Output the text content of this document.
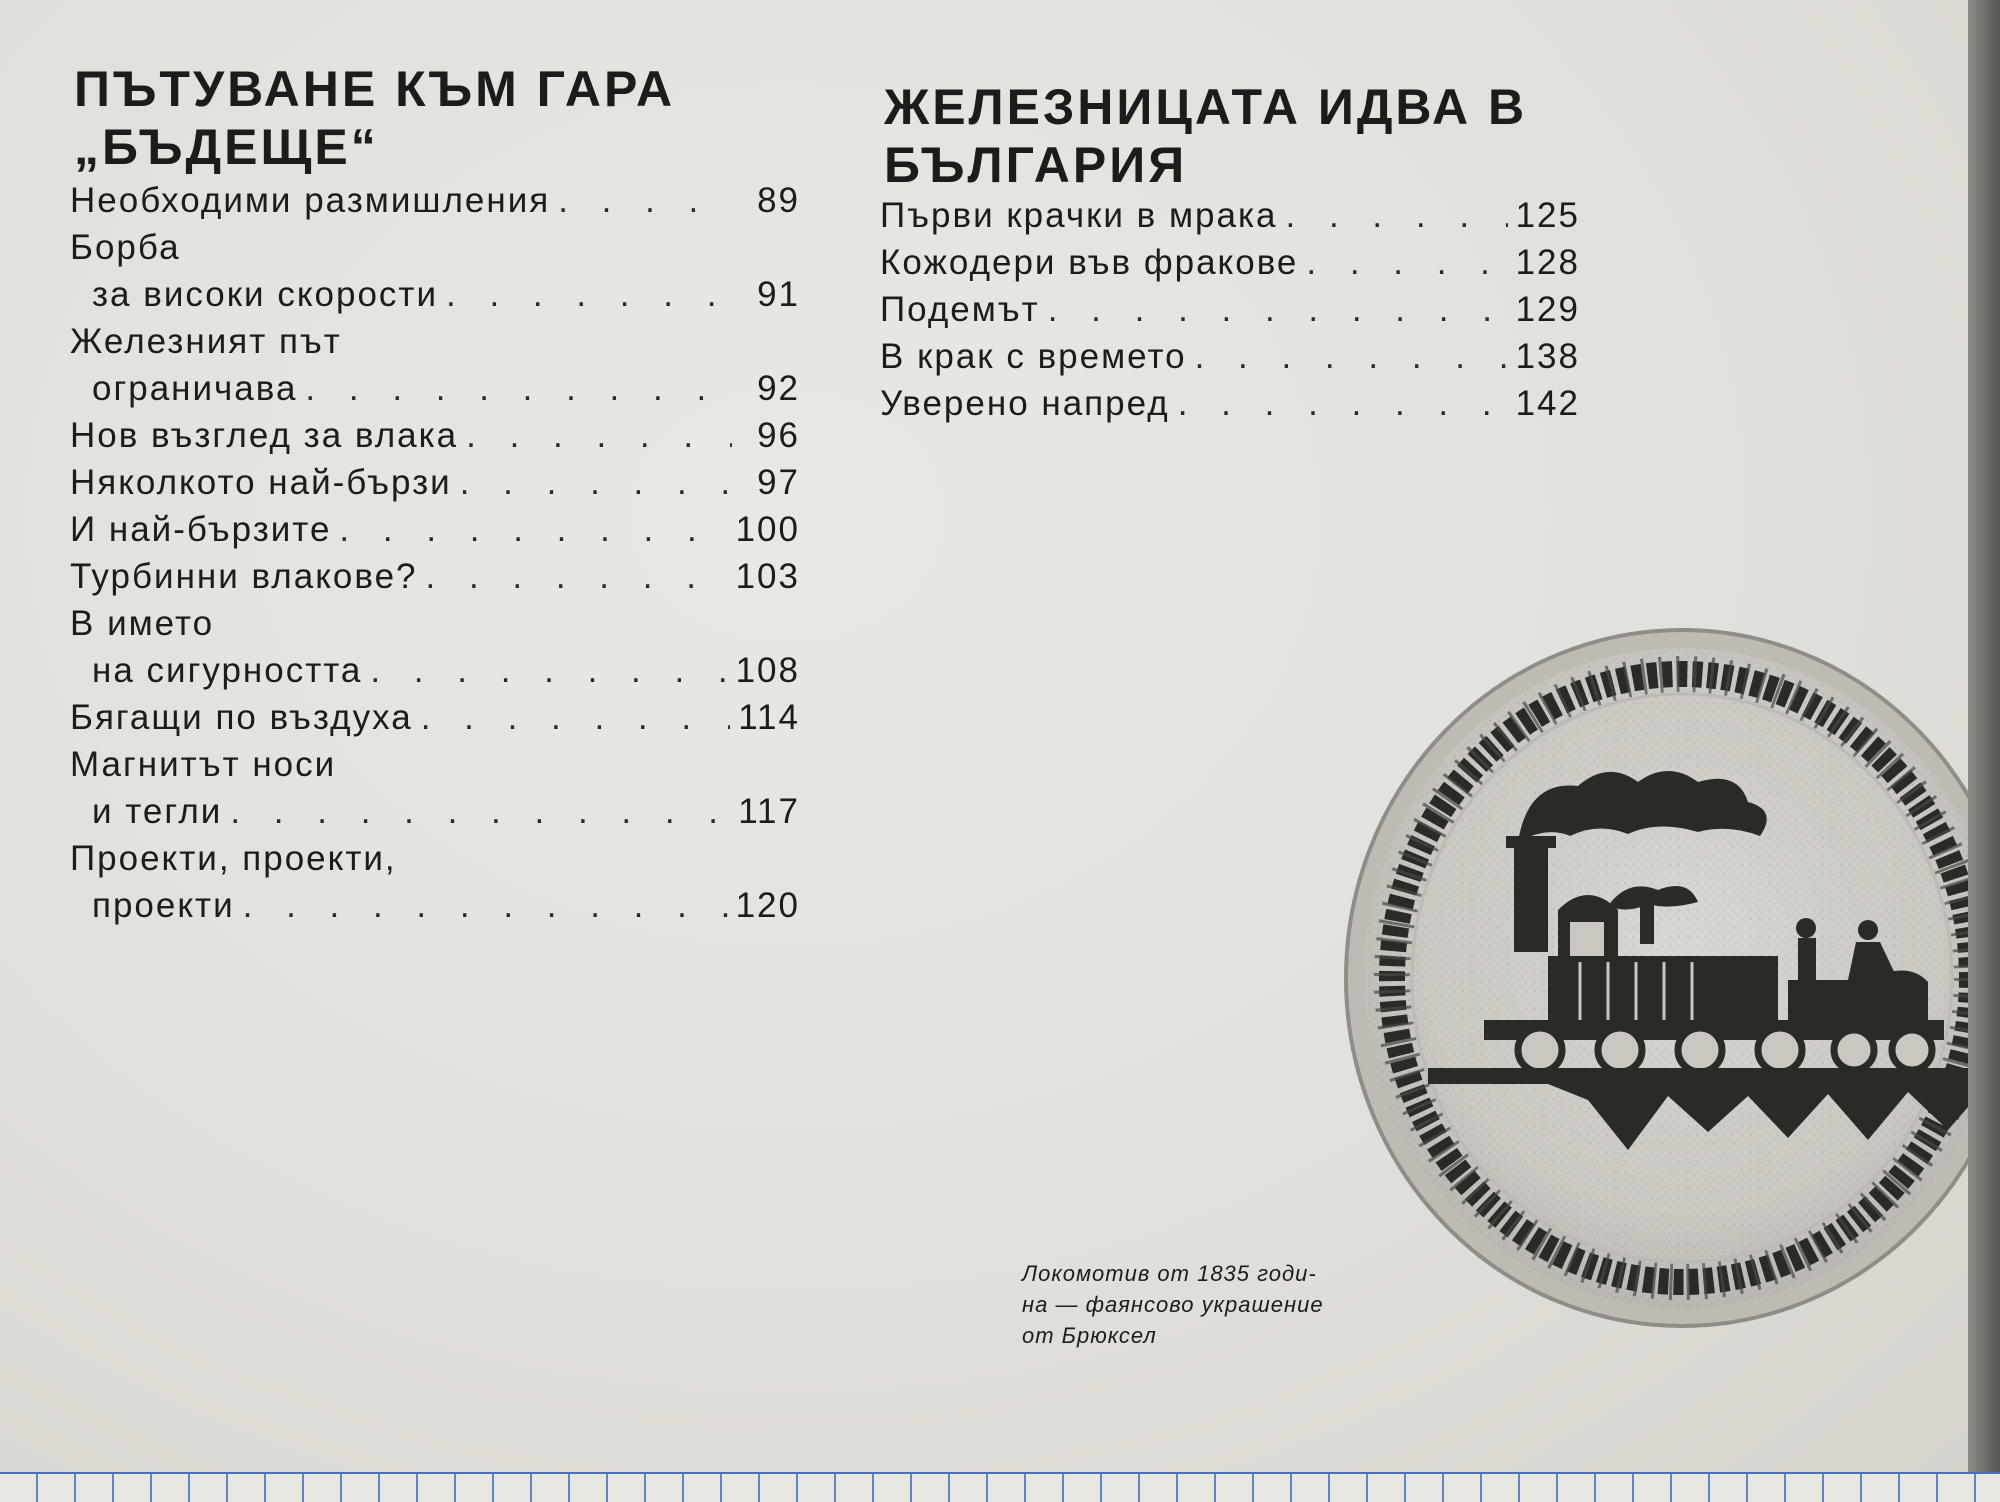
ПЪТУВАНЕ КЪМ ГАРА
„БЪДЕЩЕ“
ЖЕЛЕЗНИЦАТА ИДВА В
БЪЛГАРИЯ
Необходими размишления . . .	89
Борба
за високи скорости . . .	91
Железният път
ограничава . . .	92
Нов възглед за влака . . .	96
Няколкото най-бързи . . .	97
И най-бързите . . .	100
Турбинни влакове? . . .	103
В името
на сигурността . . .	108
Бягащи по въздуха . . .	114
Магнитът носи
и тегли . . .	117
Проекти, проекти,
проекти . . .	120
Първи крачки в мрака . . .	125
Кожодери във фракове . . .	128
Подемът . . .	129
В крак с времето . . .	138
Уверено напред . . .	142
Локомотив от 1835 годи-
на — фаянсово украшение
от Брюксел
